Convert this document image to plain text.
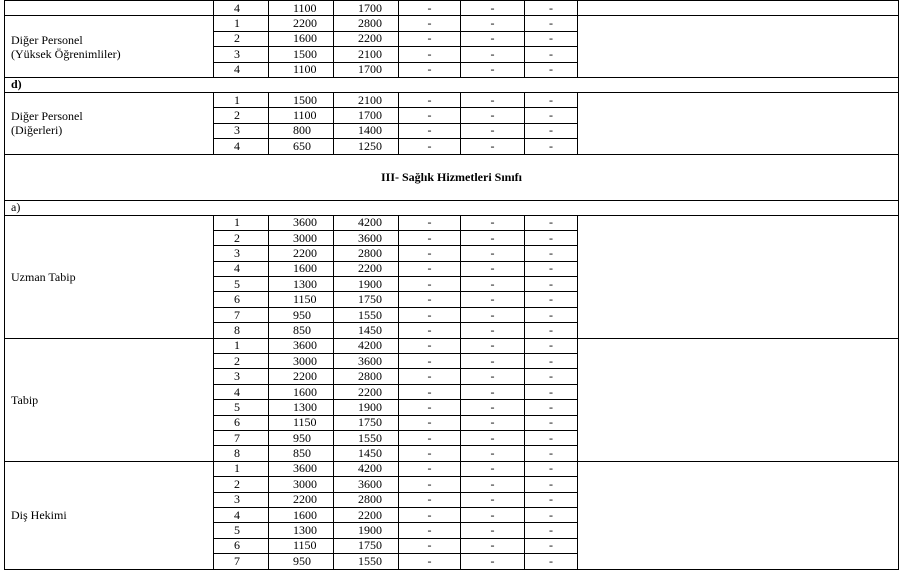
	4	1100	1700	-	-	-	

Diğer Personel
(Yüksek Öğrenimliler)	1	2200	2800	-	-	-	
	2	1600	2200	-	-	-	
	3	1500	2100	-	-	-	
	4	1100	1700	-	-	-	
d)							

Diğer Personel
(Diğerleri)	1	1500	2100	-	-	-	
	2	1100	1700	-	-	-	
	3	800	1400	-	-	-	
	4	650	1250	-	-	-	
III- Sağlık Hizmetleri Sınıfı							
a)							
Uzman Tabip	1	3600	4200	-	-	-	
	2	3000	3600	-	-	-	
	3	2200	2800	-	-	-	
	4	1600	2200	-	-	-	
	5	1300	1900	-	-	-	
	6	1150	1750	-	-	-	
	7	950	1550	-	-	-	
	8	850	1450	-	-	-	
Tabip	1	3600	4200	-	-	-	
	2	3000	3600	-	-	-	
	3	2200	2800	-	-	-	
	4	1600	2200	-	-	-	
	5	1300	1900	-	-	-	
	6	1150	1750	-	-	-	
	7	950	1550	-	-	-	
	8	850	1450	-	-	-	
Diş Hekimi	1	3600	4200	-	-	-	
	2	3000	3600	-	-	-	
	3	2200	2800	-	-	-	
	4	1600	2200	-	-	-	
	5	1300	1900	-	-	-	
	6	1150	1750	-	-	-	
	7	950	1550	-	-	-	
